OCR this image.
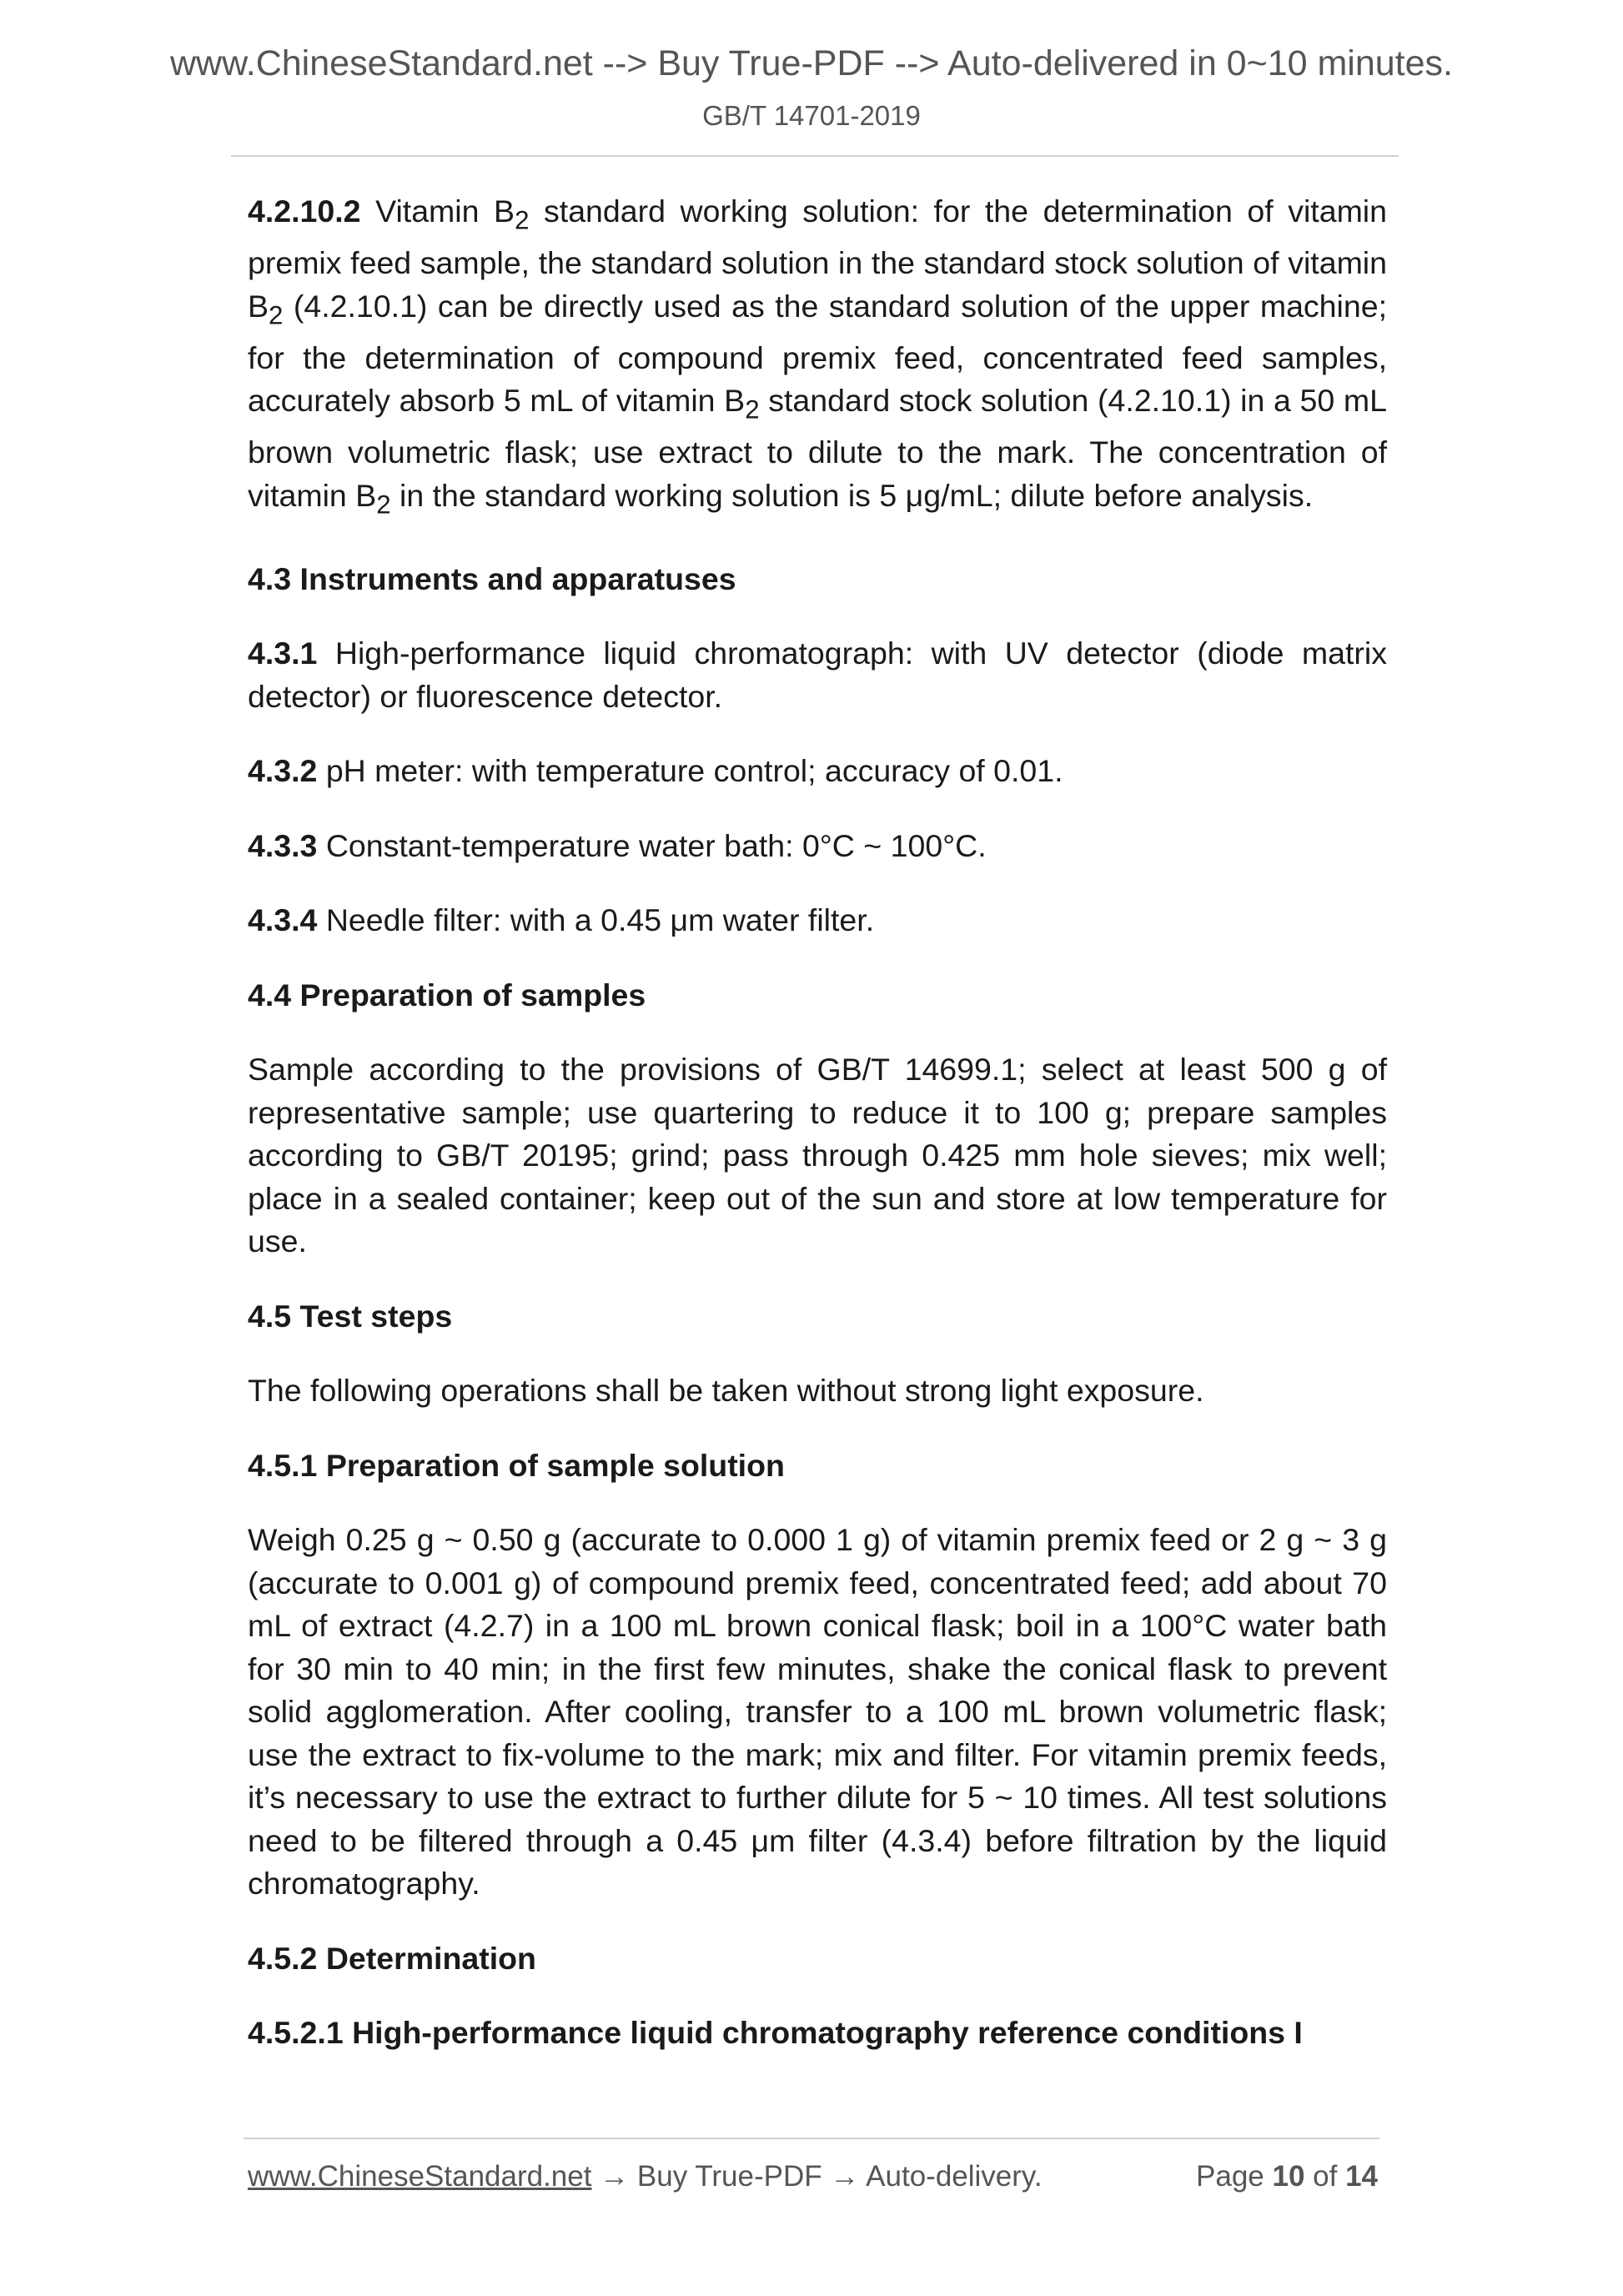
www.ChineseStandard.net --> Buy True-PDF --> Auto-delivered in 0~10 minutes.
GB/T 14701-2019

4.2.10.2 Vitamin $B_2$ standard working solution: for the determination of vitamin premix feed sample, the standard solution in the standard stock solution of vitamin $B_2$ (4.2.10.1) can be directly used as the standard solution of the upper machine; for the determination of compound premix feed, concentrated feed samples, accurately absorb 5 mL of vitamin $B_2$ standard stock solution (4.2.10.1) in a 50 mL brown volumetric flask; use extract to dilute to the mark. The concentration of vitamin $B_2$ in the standard working solution is 5 μg/mL; dilute before analysis.

4.3 Instruments and apparatuses

4.3.1 High-performance liquid chromatograph: with UV detector (diode matrix detector) or fluorescence detector.

4.3.2 pH meter: with temperature control; accuracy of 0.01.

4.3.3 Constant-temperature water bath: 0°C ~ 100°C.

4.3.4 Needle filter: with a 0.45 μm water filter.

4.4 Preparation of samples

Sample according to the provisions of GB/T 14699.1; select at least 500 g of representative sample; use quartering to reduce it to 100 g; prepare samples according to GB/T 20195; grind; pass through 0.425 mm hole sieves; mix well; place in a sealed container; keep out of the sun and store at low temperature for use.

4.5 Test steps

The following operations shall be taken without strong light exposure.

4.5.1 Preparation of sample solution

Weigh 0.25 g ~ 0.50 g (accurate to 0.000 1 g) of vitamin premix feed or 2 g ~ 3 g (accurate to 0.001 g) of compound premix feed, concentrated feed; add about 70 mL of extract (4.2.7) in a 100 mL brown conical flask; boil in a 100°C water bath for 30 min to 40 min; in the first few minutes, shake the conical flask to prevent solid agglomeration. After cooling, transfer to a 100 mL brown volumetric flask; use the extract to fix-volume to the mark; mix and filter. For vitamin premix feeds, it’s necessary to use the extract to further dilute for 5 ~ 10 times. All test solutions need to be filtered through a 0.45 μm filter (4.3.4) before filtration by the liquid chromatography.

4.5.2 Determination
4.5.2.1 High-performance liquid chromatography reference conditions I
www.ChineseStandard.net → Buy True-PDF → Auto-delivery.	Page 10 of 14
